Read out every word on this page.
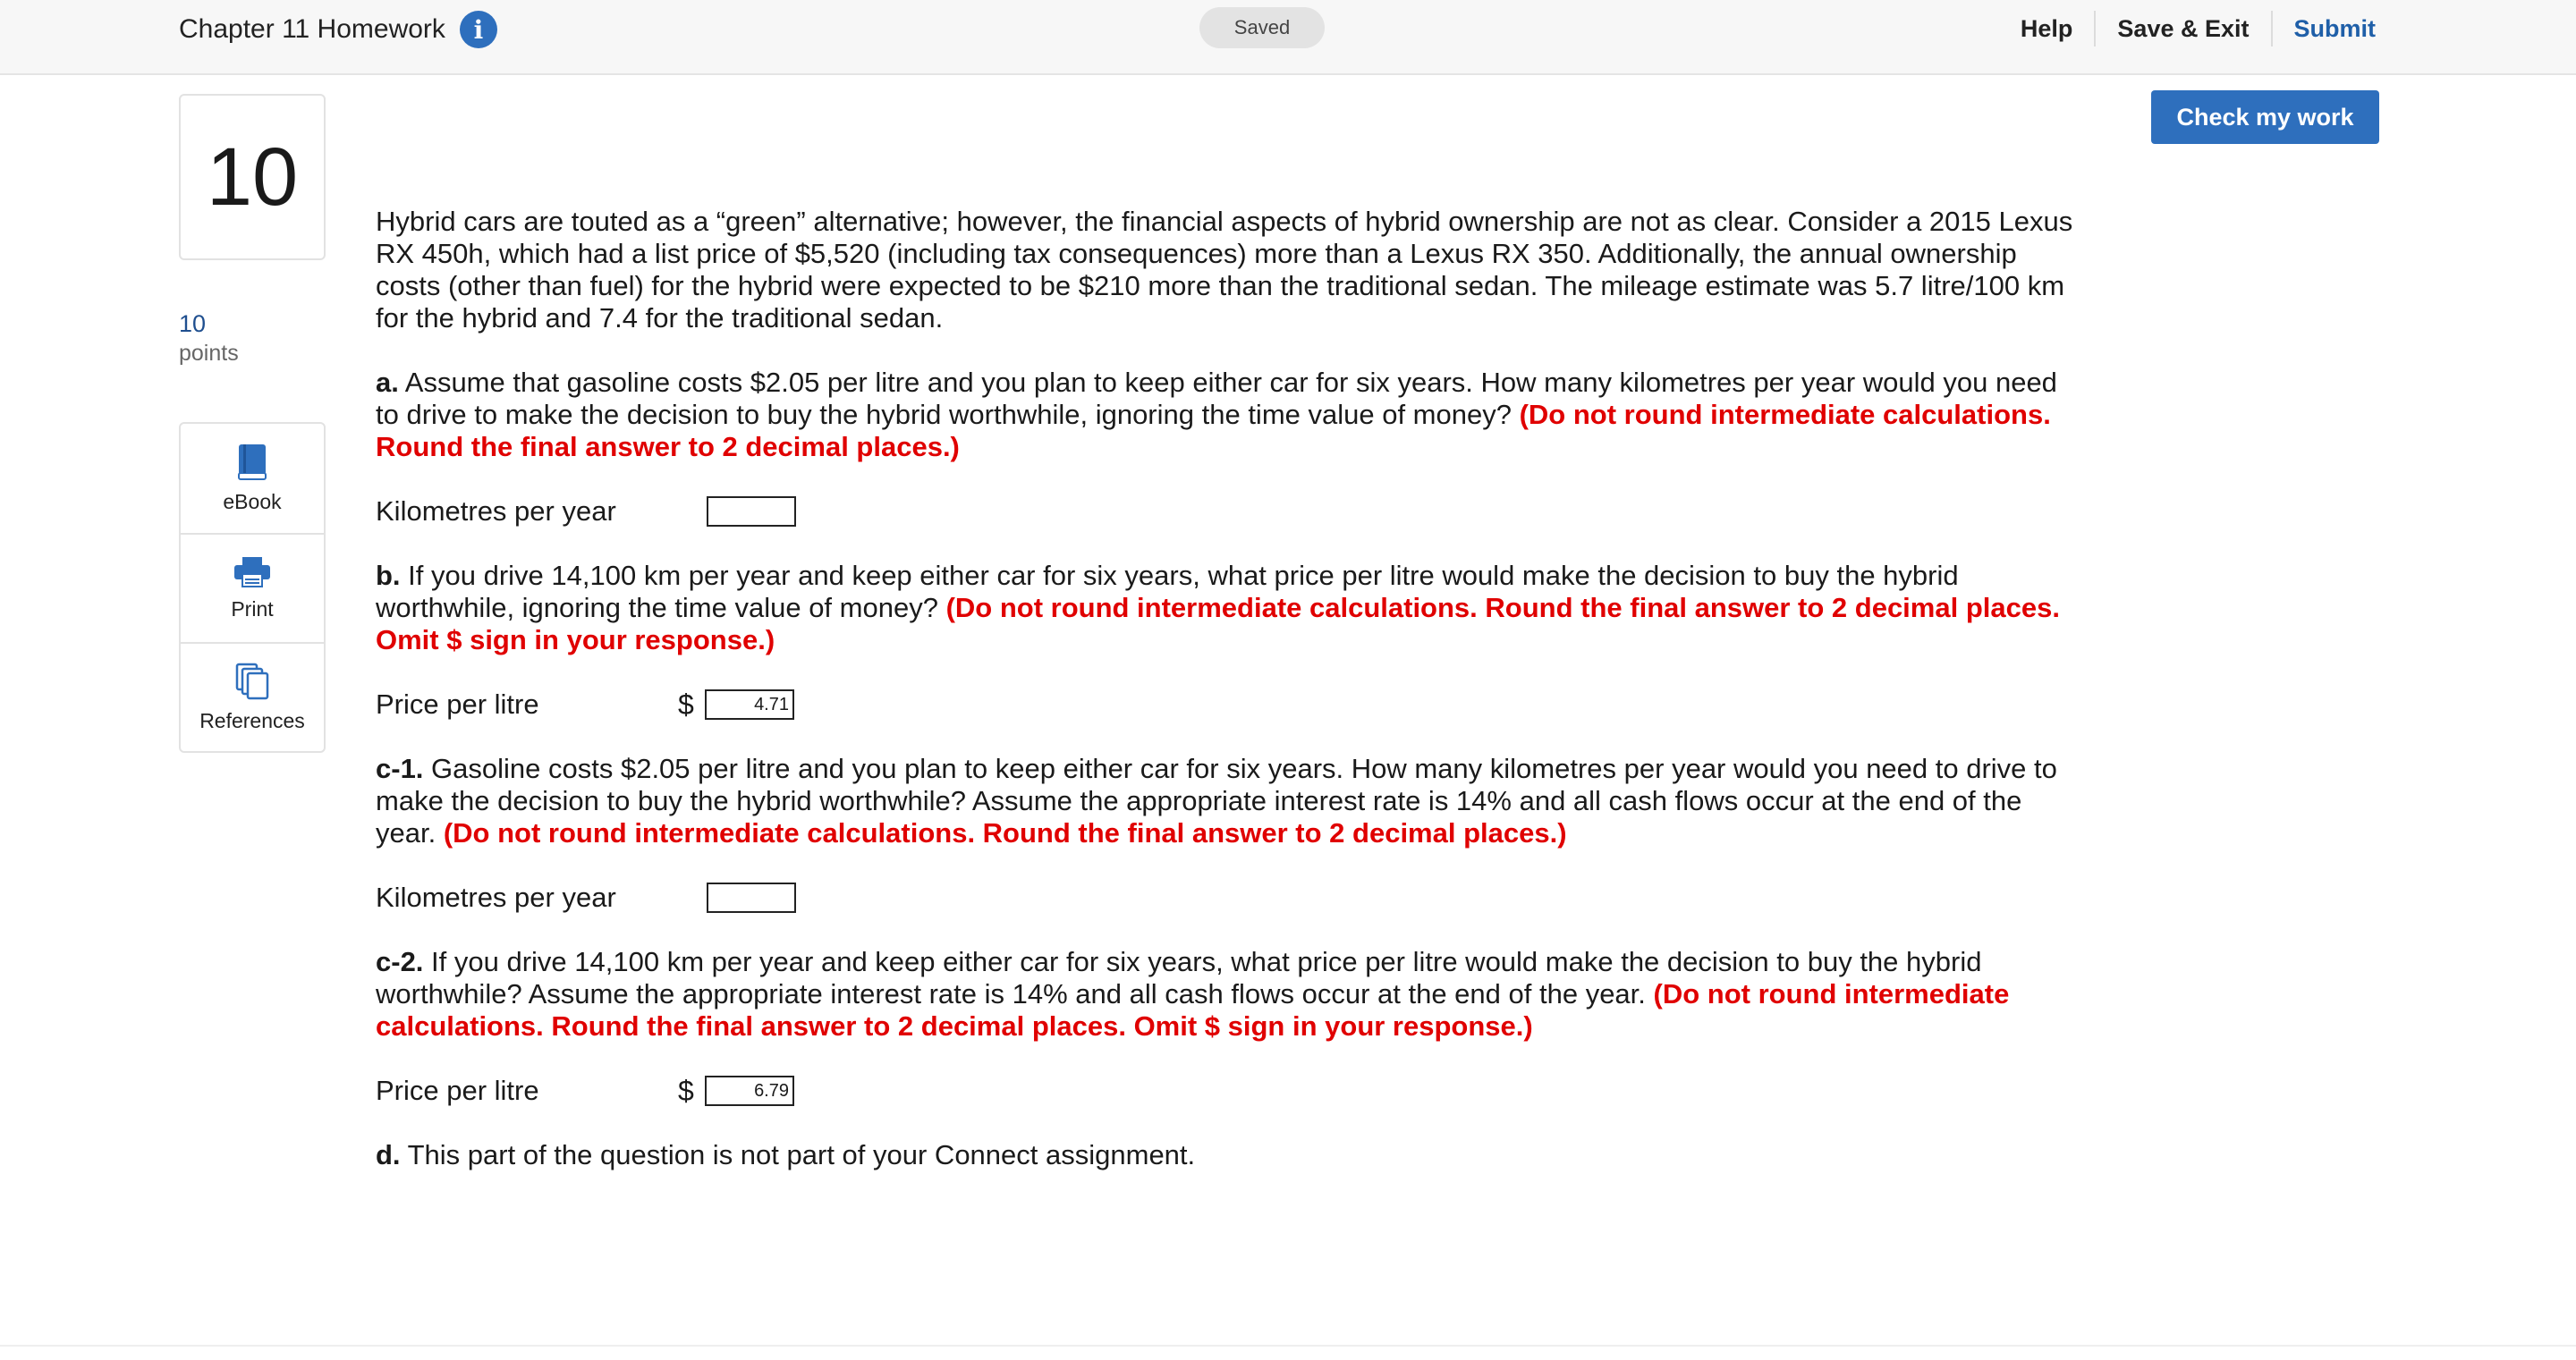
Chapter 11 Homework	i	Saved	Help	Save & Exit	Submit
Check my work
10
10
points
eBook
Print
References

Hybrid cars are touted as a “green” alternative; however, the financial aspects of hybrid ownership are not as clear. Consider a 2015 Lexus RX 450h, which had a list price of $5,520 (including tax consequences) more than a Lexus RX 350. Additionally, the annual ownership costs (other than fuel) for the hybrid were expected to be $210 more than the traditional sedan. The mileage estimate was 5.7 litre/100 km for the hybrid and 7.4 for the traditional sedan.

a. Assume that gasoline costs $2.05 per litre and you plan to keep either car for six years. How many kilometres per year would you need to drive to make the decision to buy the hybrid worthwhile, ignoring the time value of money? (Do not round intermediate calculations. Round the final answer to 2 decimal places.)

Kilometres per year

b. If you drive 14,100 km per year and keep either car for six years, what price per litre would make the decision to buy the hybrid worthwhile, ignoring the time value of money? (Do not round intermediate calculations. Round the final answer to 2 decimal places. Omit $ sign in your response.)

Price per litre	$	4.71

c-1. Gasoline costs $2.05 per litre and you plan to keep either car for six years. How many kilometres per year would you need to drive to make the decision to buy the hybrid worthwhile? Assume the appropriate interest rate is 14% and all cash flows occur at the end of the year. (Do not round intermediate calculations. Round the final answer to 2 decimal places.)

Kilometres per year

c-2. If you drive 14,100 km per year and keep either car for six years, what price per litre would make the decision to buy the hybrid worthwhile? Assume the appropriate interest rate is 14% and all cash flows occur at the end of the year. (Do not round intermediate calculations. Round the final answer to 2 decimal places. Omit $ sign in your response.)

Price per litre	$	6.79

d. This part of the question is not part of your Connect assignment.
